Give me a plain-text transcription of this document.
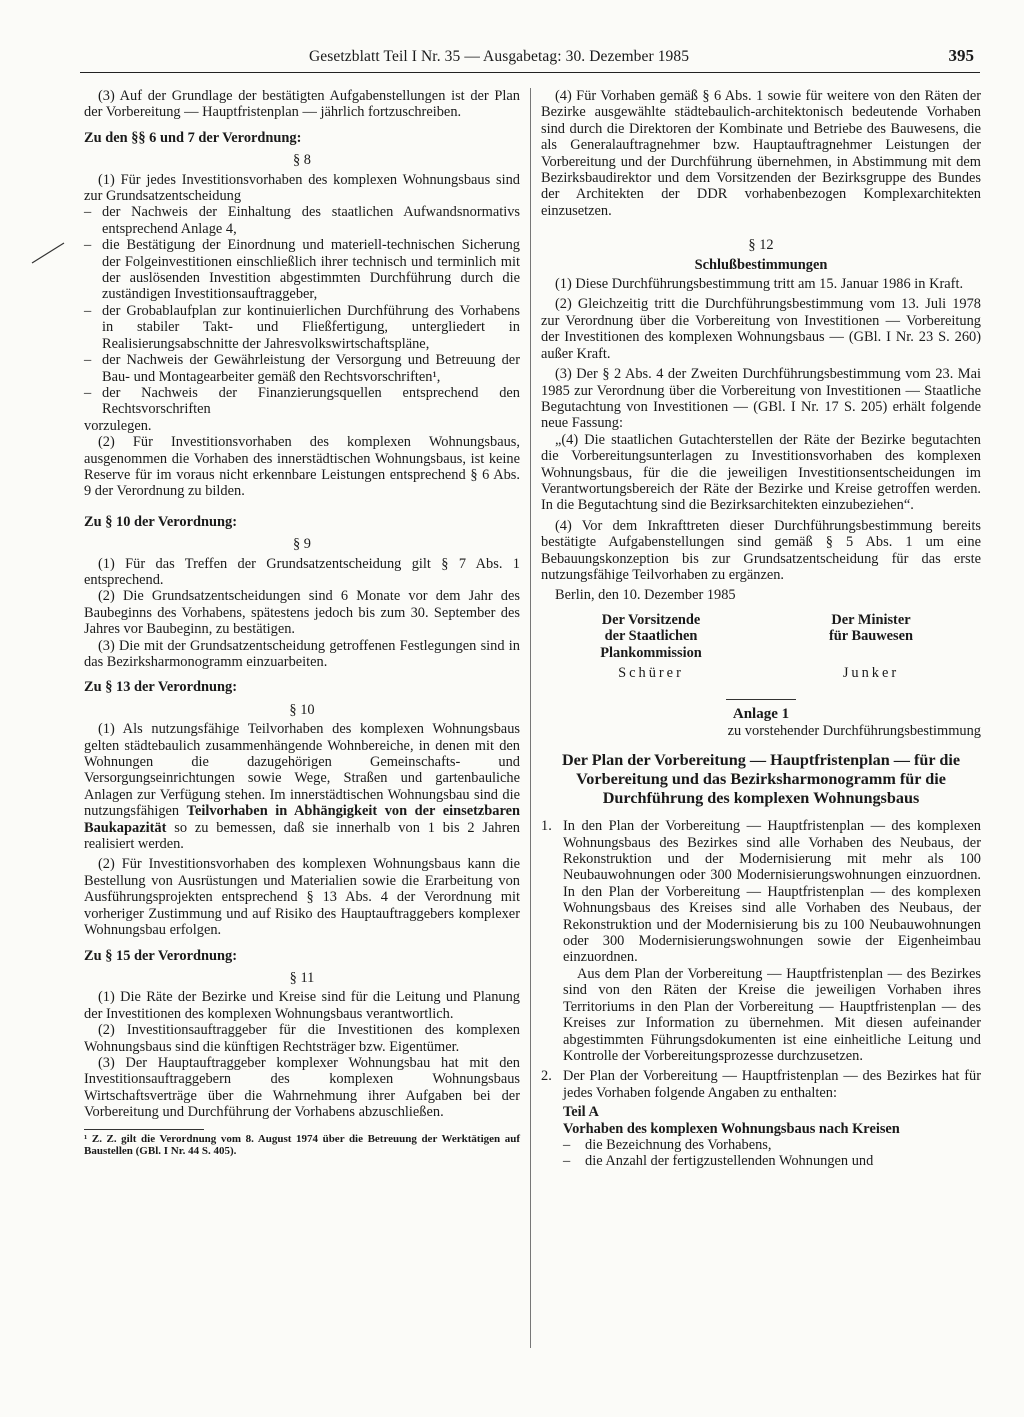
Gesetzblatt Teil I Nr. 35 — Ausgabetag: 30. Dezember 1985	395

(3) Auf der Grundlage der bestätigten Aufgabenstellungen ist der Plan der Vorbereitung — Hauptfristenplan — jährlich fortzuschreiben.

Zu den §§ 6 und 7 der Verordnung:

§ 8

(1) Für jedes Investitionsvorhaben des komplexen Wohnungsbaus sind zur Grundsatzentscheidung

– der Nachweis der Einhaltung des staatlichen Aufwandsnormativs entsprechend Anlage 4,
– die Bestätigung der Einordnung und materiell-technischen Sicherung der Folgeinvestitionen einschließlich ihrer technisch und terminlich mit der auslösenden Investition abgestimmten Durchführung durch die zuständigen Investitionsauftraggeber,
– der Grobablaufplan zur kontinuierlichen Durchführung des Vorhabens in stabiler Takt- und Fließfertigung, untergliedert in Realisierungsabschnitte der Jahresvolkswirtschaftspläne,
– der Nachweis der Gewährleistung der Versorgung und Betreuung der Bau- und Montagearbeiter gemäß den Rechtsvorschriften¹,
– der Nachweis der Finanzierungsquellen entsprechend den Rechtsvorschriften

vorzulegen.

(2) Für Investitionsvorhaben des komplexen Wohnungsbaus, ausgenommen die Vorhaben des innerstädtischen Wohnungsbaus, ist keine Reserve für im voraus nicht erkennbare Leistungen entsprechend § 6 Abs. 9 der Verordnung zu bilden.

Zu § 10 der Verordnung:

§ 9

(1) Für das Treffen der Grundsatzentscheidung gilt § 7 Abs. 1 entsprechend.

(2) Die Grundsatzentscheidungen sind 6 Monate vor dem Jahr des Baubeginns des Vorhabens, spätestens jedoch bis zum 30. September des Jahres vor Baubeginn, zu bestätigen.

(3) Die mit der Grundsatzentscheidung getroffenen Festlegungen sind in das Bezirksharmonogramm einzuarbeiten.

Zu § 13 der Verordnung:

§ 10

(1) Als nutzungsfähige Teilvorhaben des komplexen Wohnungsbaus gelten städtebaulich zusammenhängende Wohnbereiche, in denen mit den Wohnungen die dazugehörigen Gemeinschafts- und Versorgungseinrichtungen sowie Wege, Straßen und gartenbauliche Anlagen zur Verfügung stehen. Im innerstädtischen Wohnungsbau sind die nutzungsfähigen Teilvorhaben in Abhängigkeit von der einsetzbaren Baukapazität so zu bemessen, daß sie innerhalb von 1 bis 2 Jahren realisiert werden.

(2) Für Investitionsvorhaben des komplexen Wohnungsbaus kann die Bestellung von Ausrüstungen und Materialien sowie die Erarbeitung von Ausführungsprojekten entsprechend § 13 Abs. 4 der Verordnung mit vorheriger Zustimmung und auf Risiko des Hauptauftraggebers komplexer Wohnungsbau erfolgen.

Zu § 15 der Verordnung:

§ 11

(1) Die Räte der Bezirke und Kreise sind für die Leitung und Planung der Investitionen des komplexen Wohnungsbaus verantwortlich.

(2) Investitionsauftraggeber für die Investitionen des komplexen Wohnungsbaus sind die künftigen Rechtsträger bzw. Eigentümer.

(3) Der Hauptauftraggeber komplexer Wohnungsbau hat mit den Investitionsauftraggebern des komplexen Wohnungsbaus Wirtschaftsverträge über die Wahrnehmung ihrer Aufgaben bei der Vorbereitung und Durchführung der Vorhabens abzuschließen.

¹ Z. Z. gilt die Verordnung vom 8. August 1974 über die Betreuung der Werktätigen auf Baustellen (GBl. I Nr. 44 S. 405).

(4) Für Vorhaben gemäß § 6 Abs. 1 sowie für weitere von den Räten der Bezirke ausgewählte städtebaulich-architektonisch bedeutende Vorhaben sind durch die Direktoren der Kombinate und Betriebe des Bauwesens, die als Generalauftragnehmer bzw. Hauptauftragnehmer Leistungen der Vorbereitung und der Durchführung übernehmen, in Abstimmung mit dem Bezirksbaudirektor und dem Vorsitzenden der Bezirksgruppe des Bundes der Architekten der DDR vorhabenbezogen Komplexarchitekten einzusetzen.

§ 12

Schlußbestimmungen

(1) Diese Durchführungsbestimmung tritt am 15. Januar 1986 in Kraft.

(2) Gleichzeitig tritt die Durchführungsbestimmung vom 13. Juli 1978 zur Verordnung über die Vorbereitung von Investitionen — Vorbereitung der Investitionen des komplexen Wohnungsbaus — (GBl. I Nr. 23 S. 260) außer Kraft.

(3) Der § 2 Abs. 4 der Zweiten Durchführungsbestimmung vom 23. Mai 1985 zur Verordnung über die Vorbereitung von Investitionen — Staatliche Begutachtung von Investitionen — (GBl. I Nr. 17 S. 205) erhält folgende neue Fassung:

„(4) Die staatlichen Gutachterstellen der Räte der Bezirke begutachten die Vorbereitungsunterlagen zu Investitionsvorhaben des komplexen Wohnungsbaus, für die die jeweiligen Investitionsentscheidungen im Verantwortungsbereich der Räte der Bezirke und Kreise getroffen werden. In die Begutachtung sind die Bezirksarchitekten einzubeziehen“.

(4) Vor dem Inkrafttreten dieser Durchführungsbestimmung bereits bestätigte Aufgabenstellungen sind gemäß § 5 Abs. 1 um eine Bebauungskonzeption bis zur Grundsatzentscheidung für das erste nutzungsfähige Teilvorhaben zu ergänzen.

Berlin, den 10. Dezember 1985

Der Vorsitzende der Staatlichen Plankommission
Schürer
Der Minister für Bauwesen
Junker

Anlage 1

zu vorstehender Durchführungsbestimmung

Der Plan der Vorbereitung — Hauptfristenplan — für die Vorbereitung und das Bezirksharmonogramm für die Durchführung des komplexen Wohnungsbaus

1. In den Plan der Vorbereitung — Hauptfristenplan — des komplexen Wohnungsbaus des Bezirkes sind alle Vorhaben des Neubaus, der Rekonstruktion und der Modernisierung mit mehr als 100 Neubauwohnungen oder 300 Modernisierungswohnungen einzuordnen. In den Plan der Vorbereitung — Hauptfristenplan — des komplexen Wohnungsbaus des Kreises sind alle Vorhaben des Neubaus, der Rekonstruktion und der Modernisierung bis zu 100 Neubauwohnungen oder 300 Modernisierungswohnungen sowie der Eigenheimbau einzuordnen.

Aus dem Plan der Vorbereitung — Hauptfristenplan — des Bezirkes sind von den Räten der Kreise die jeweiligen Vorhaben ihres Territoriums in den Plan der Vorbereitung — Hauptfristenplan — des Kreises zur Information zu übernehmen. Mit diesen aufeinander abgestimmten Führungsdokumenten ist eine einheitliche Leitung und Kontrolle der Vorbereitungsprozesse durchzusetzen.

2. Der Plan der Vorbereitung — Hauptfristenplan — des Bezirkes hat für jedes Vorhaben folgende Angaben zu enthalten:

Teil A

Vorhaben des komplexen Wohnungsbaus nach Kreisen

– die Bezeichnung des Vorhabens,
– die Anzahl der fertigzustellenden Wohnungen und
